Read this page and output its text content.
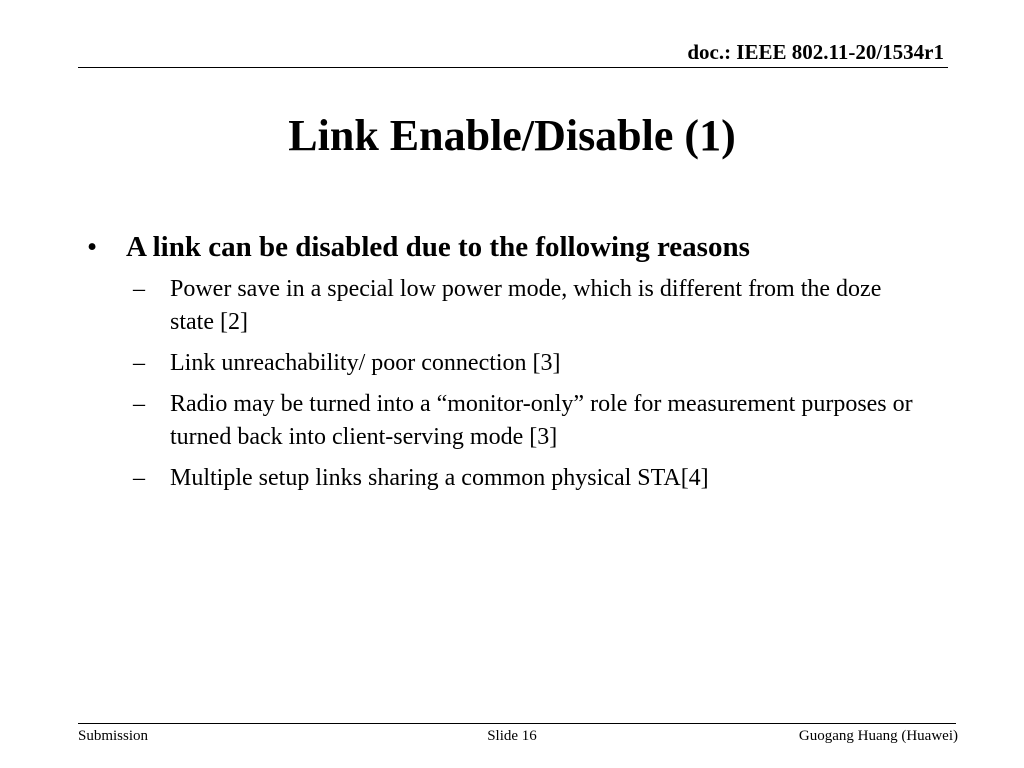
doc.: IEEE 802.11-20/1534r1
Link Enable/Disable (1)
• A link can be disabled due to the following reasons
–	Power save in a special low power mode, which is different from the doze state [2]
–	Link unreachability/ poor connection [3]
–	Radio may be turned into a “monitor-only” role for measurement purposes or turned back into client-serving mode [3]
–	Multiple setup links sharing a common physical STA[4]
Submission	Slide 16	Guogang Huang (Huawei)
